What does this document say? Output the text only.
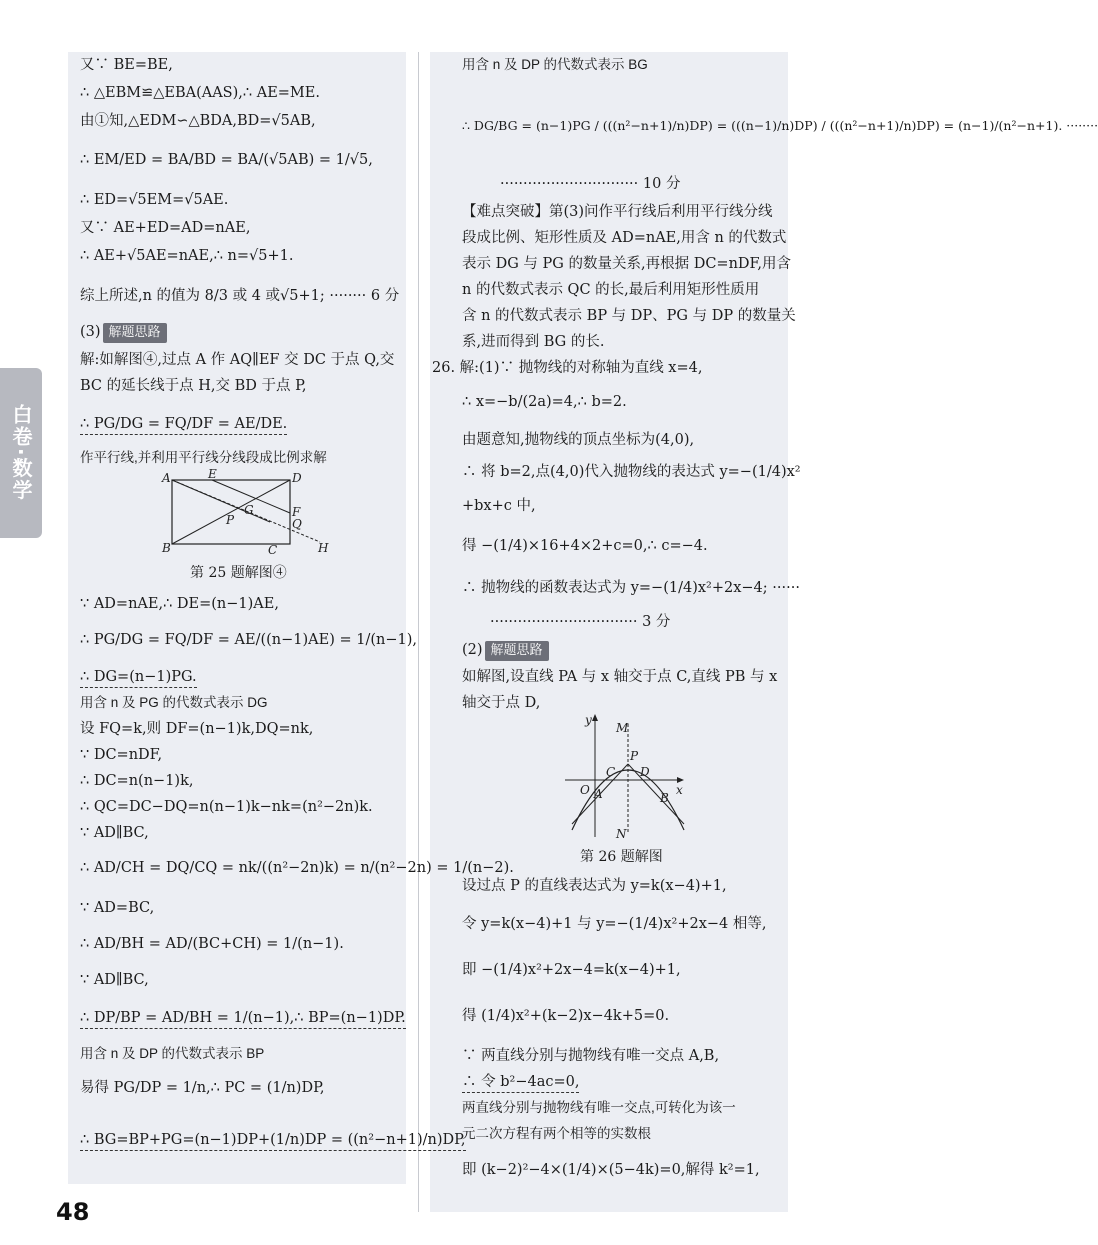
白卷·数学
又∵ BE=BE,
∴ △EBM≌△EBA(AAS),∴ AE=ME.
由①知,△EDM∽△BDA,BD=√5AB,
∴ EM/ED = BA/BD = BA/(√5AB) = 1/√5,
∴ ED=√5EM=√5AE.
又∵ AE+ED=AD=nAE,
∴ AE+√5AE=nAE,∴ n=√5+1.
综上所述,n 的值为 8/3 或 4 或√5+1; ········ 6 分
(3) 解题思路
解:如解图④,过点 A 作 AQ∥EF 交 DC 于点 Q,交
BC 的延长线于点 H,交 BD 于点 P,
∴ PG/DG = FQ/DF = AE/DE.
作平行线,并利用平行线分线段成比例求解
A	E	D
F
G
P	Q
B	C	H
第 25 题解图④
∵ AD=nAE,∴ DE=(n−1)AE,
∴ PG/DG = FQ/DF = AE/((n−1)AE) = 1/(n−1),
∴ DG=(n−1)PG.
用含 n 及 PG 的代数式表示 DG
设 FQ=k,则 DF=(n−1)k,DQ=nk,
∵ DC=nDF,
∴ DC=n(n−1)k,
∴ QC=DC−DQ=n(n−1)k−nk=(n²−2n)k.
∵ AD∥BC,
∴ AD/CH = DQ/CQ = nk/((n²−2n)k) = n/(n²−2n) = 1/(n−2).
∵ AD=BC,
∴ AD/BH = AD/(BC+CH) = 1/(n−1).
∵ AD∥BC,
∴ DP/BP = AD/BH = 1/(n−1),∴ BP=(n−1)DP.
用含 n 及 DP 的代数式表示 BP
易得 PG/DP = 1/n,∴ PC = (1/n)DP,
∴ BG=BP+PG=(n−1)DP+(1/n)DP = ((n²−n+1)/n)DP,
用含 n 及 DP 的代数式表示 BG
∴ DG/BG = (n−1)PG / (((n²−n+1)/n)DP) = (((n−1)/n)DP) / (((n²−n+1)/n)DP) = (n−1)/(n²−n+1). ········
······························ 10 分
【难点突破】第(3)问作平行线后利用平行线分线
段成比例、矩形性质及 AD=nAE,用含 n 的代数式
表示 DG 与 PG 的数量关系,再根据 DC=nDF,用含
n 的代数式表示 QC 的长,最后利用矩形性质用
含 n 的代数式表示 BP 与 DP、PG 与 DP 的数量关
系,进而得到 BG 的长.
26. 解:(1)∵ 抛物线的对称轴为直线 x=4,
∴ x=−b/(2a)=4,∴ b=2.
由题意知,抛物线的顶点坐标为(4,0),
∴ 将 b=2,点(4,0)代入抛物线的表达式 y=−(1/4)x²
+bx+c 中,
得 −(1/4)×16+4×2+c=0,∴ c=−4.
∴ 抛物线的函数表达式为 y=−(1/4)x²+2x−4; ······
································ 3 分
(2) 解题思路
如解图,设直线 PA 与 x 轴交于点 C,直线 PB 与 x
轴交于点 D,
y
M
P
C D
O A	B
N
x
第 26 题解图
设过点 P 的直线表达式为 y=k(x−4)+1,
令 y=k(x−4)+1 与 y=−(1/4)x²+2x−4 相等,
即 −(1/4)x²+2x−4=k(x−4)+1,
得 (1/4)x²+(k−2)x−4k+5=0.
∵ 两直线分别与抛物线有唯一交点 A,B,
∴ 令 b²−4ac=0,
两直线分别与抛物线有唯一交点,可转化为该一
元二次方程有两个相等的实数根
即 (k−2)²−4×(1/4)×(5−4k)=0,解得 k²=1,
48
